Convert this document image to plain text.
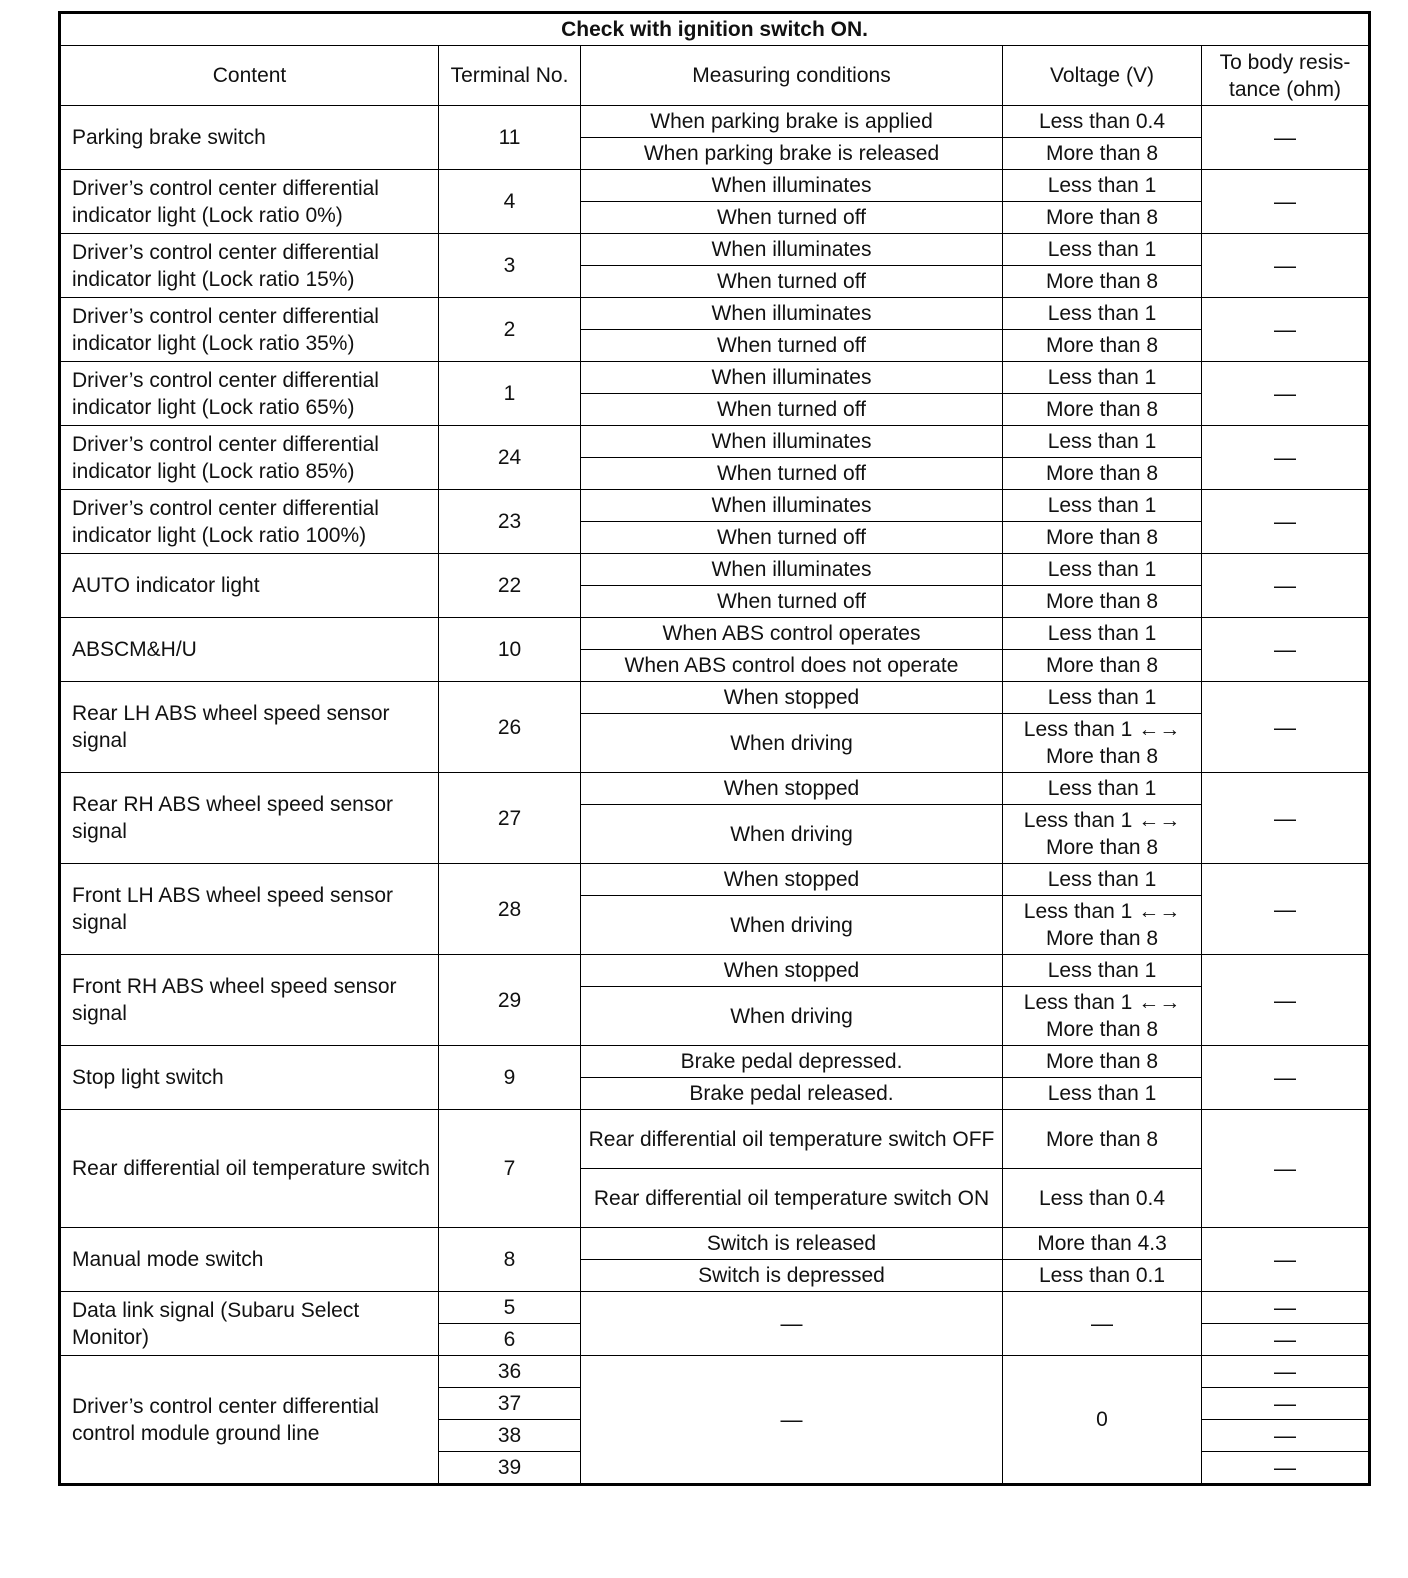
Check with ignition switch ON.				
Content	Terminal No.	Measuring conditions	Voltage (V)	To body resis-tance (ohm)
Parking brake switch	11	When parking brake is applied	Less than 0.4	—
		When parking brake is released	More than 8	
Driver’s control center differential indicator light (Lock ratio 0%)	4	When illuminates	Less than 1	—
		When turned off	More than 8	
Driver’s control center differential indicator light (Lock ratio 15%)	3	When illuminates	Less than 1	—
		When turned off	More than 8	
Driver’s control center differential indicator light (Lock ratio 35%)	2	When illuminates	Less than 1	—
		When turned off	More than 8	
Driver’s control center differential indicator light (Lock ratio 65%)	1	When illuminates	Less than 1	—
		When turned off	More than 8	
Driver’s control center differential indicator light (Lock ratio 85%)	24	When illuminates	Less than 1	—
		When turned off	More than 8	
Driver’s control center differential indicator light (Lock ratio 100%)	23	When illuminates	Less than 1	—
		When turned off	More than 8	
AUTO indicator light	22	When illuminates	Less than 1	—
		When turned off	More than 8	
ABSCM&H/U	10	When ABS control operates	Less than 1	—
		When ABS control does not operate	More than 8	
Rear LH ABS wheel speed sensor signal	26	When stopped	Less than 1	—
		When driving	Less than 1 ←→ More than 8	
Rear RH ABS wheel speed sensor signal	27	When stopped	Less than 1	—
		When driving	Less than 1 ←→ More than 8	
Front LH ABS wheel speed sensor signal	28	When stopped	Less than 1	—
		When driving	Less than 1 ←→ More than 8	
Front RH ABS wheel speed sensor signal	29	When stopped	Less than 1	—
		When driving	Less than 1 ←→ More than 8	
Stop light switch	9	Brake pedal depressed.	More than 8	—
		Brake pedal released.	Less than 1	
Rear differential oil temperature switch	7	Rear differential oil temperature switch OFF	More than 8	—
		Rear differential oil temperature switch ON	Less than 0.4	
Manual mode switch	8	Switch is released	More than 4.3	—
		Switch is depressed	Less than 0.1	
Data link signal (Subaru Select Monitor)	5	—	—	—
	6			—
Driver’s control center differential control module ground line	36	—	0	—
	37			—
	38			—
	39			—
